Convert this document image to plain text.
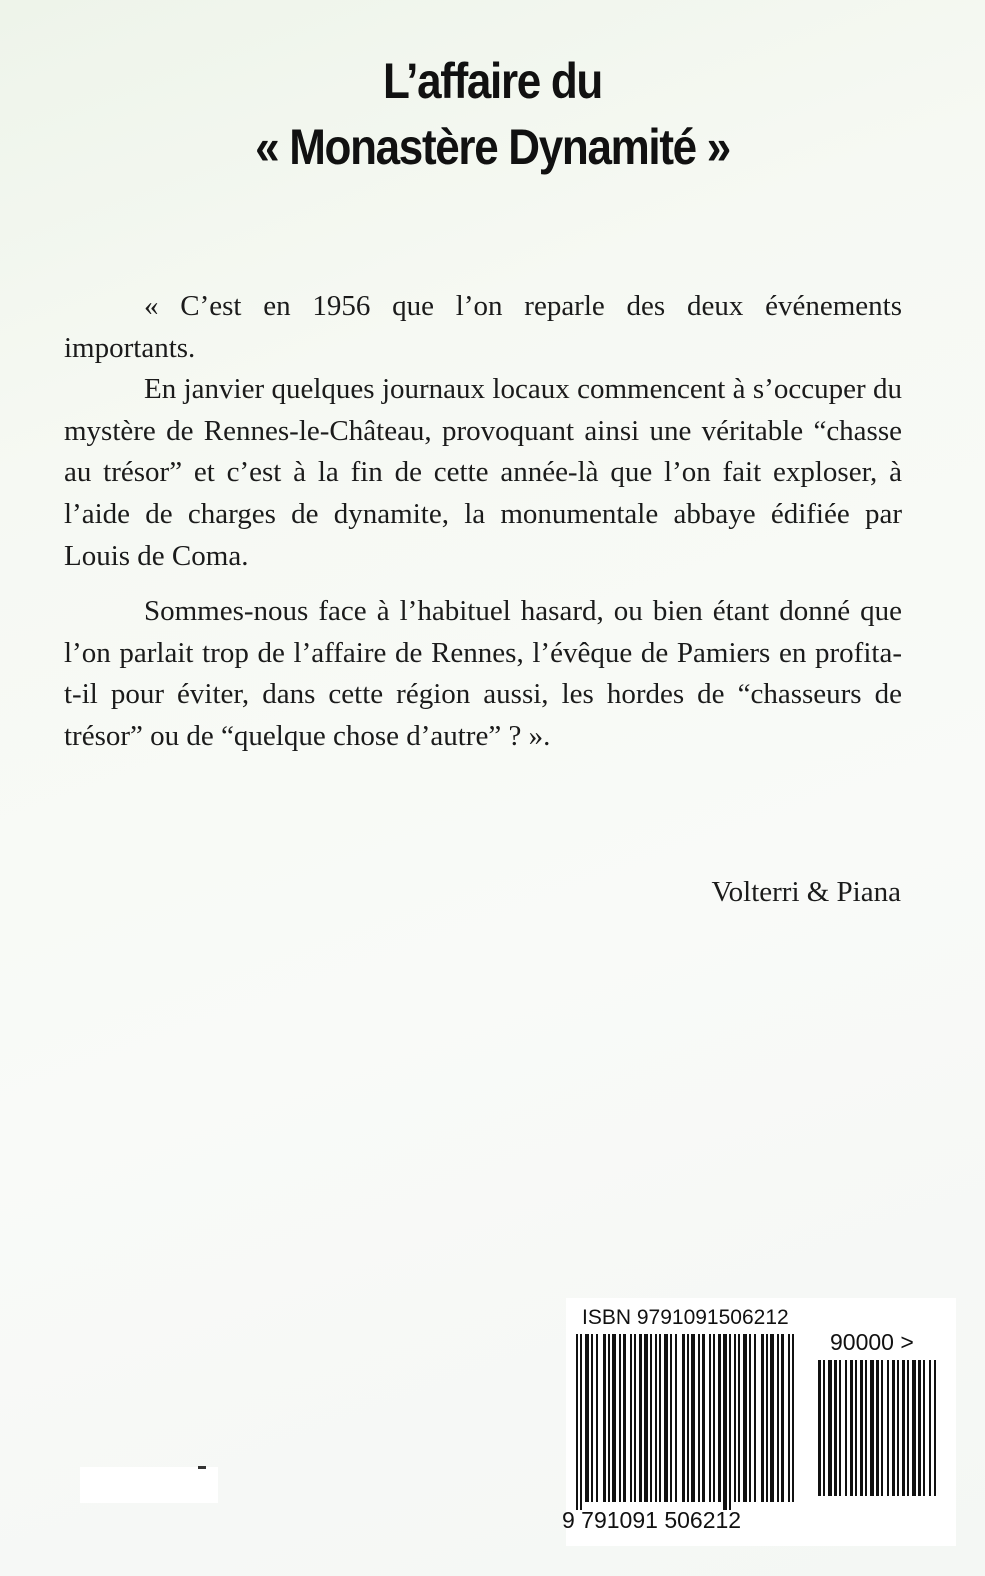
L’affaire du
« Monastère Dynamité »

« C’est en 1956 que l’on reparle des deux événements importants.

En janvier quelques journaux locaux commencent à s’occuper du mystère de Rennes-le-Château, provoquant ainsi une véritable “chasse au trésor” et c’est à la fin de cette année-là que l’on fait exploser, à l’aide de charges de dynamite, la monumentale abbaye édifiée par Louis de Coma.

Sommes-nous face à l’habituel hasard, ou bien étant donné que l’on parlait trop de l’affaire de Rennes, l’évêque de Pamiers en profita-t-il pour éviter, dans cette région aussi, les hordes de “chasseurs de trésor” ou de “quelque chose d’autre” ? ».

Volterri & Piana
ISBN 9791091506212
9 791091 506212
90000 >
